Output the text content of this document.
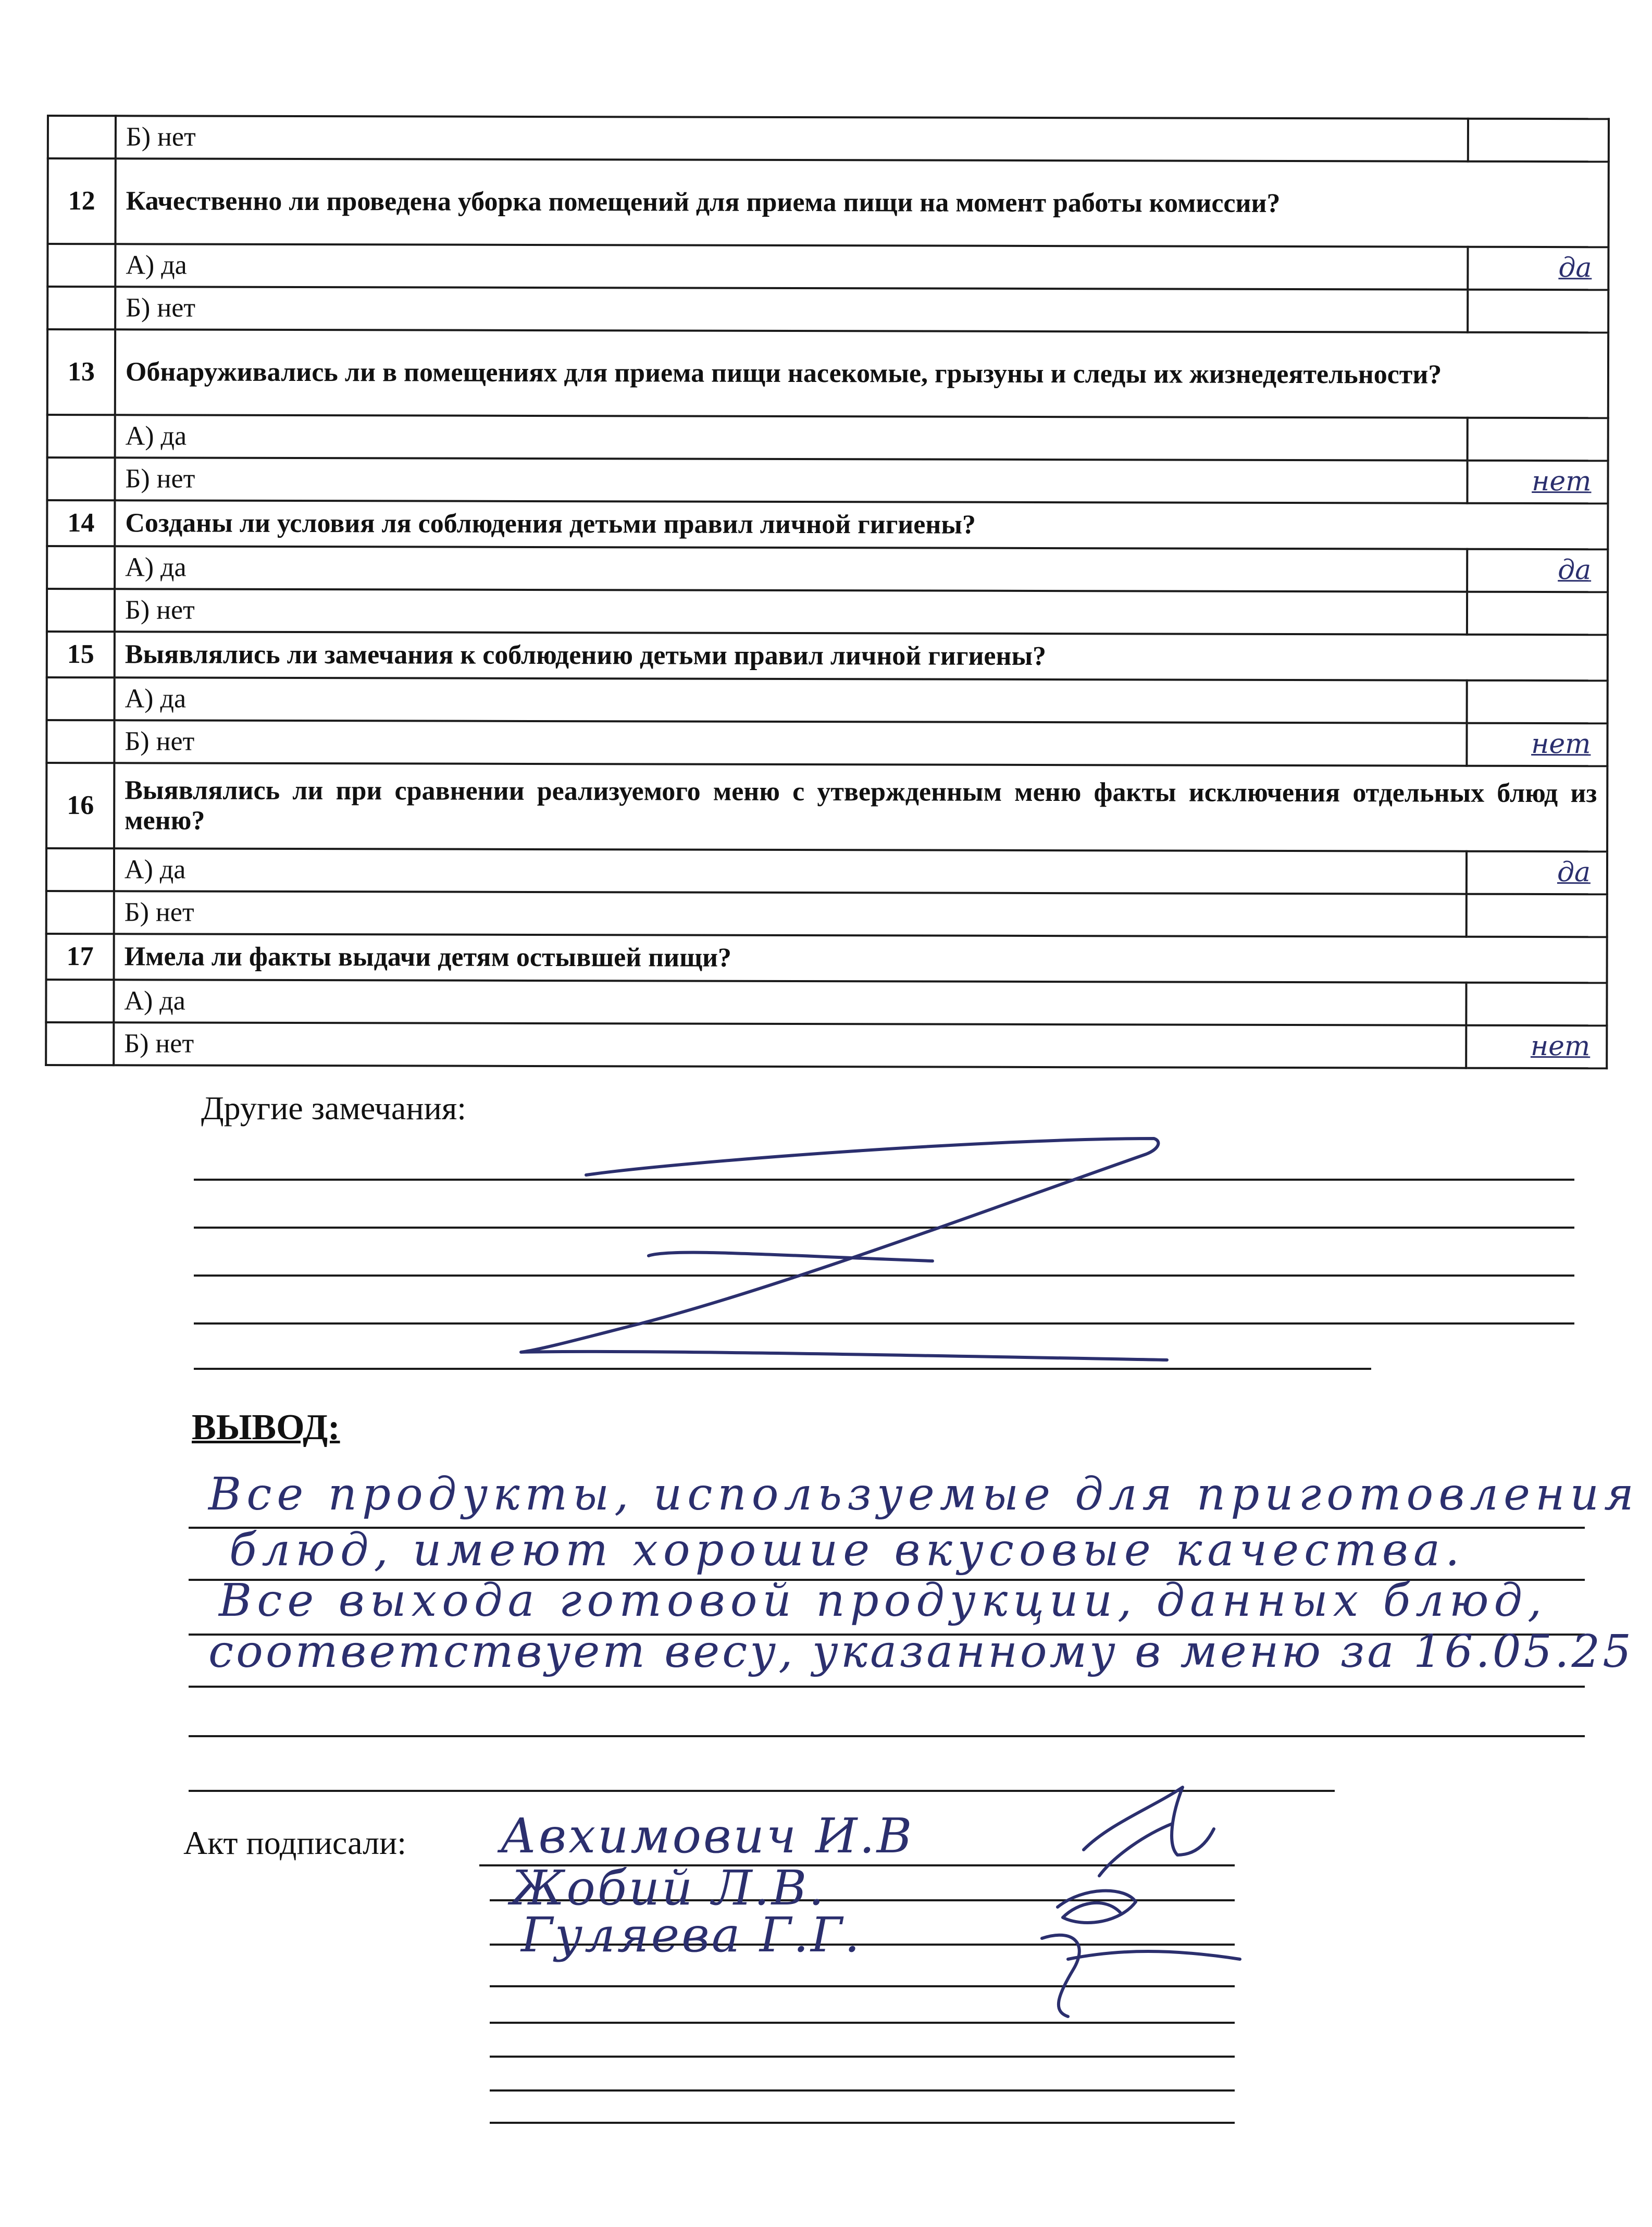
	Б) нет	
12	Качественно ли проведена уборка помещений для приема пищи на момент работы комиссии?	
	А) да	да
	Б) нет	
13	Обнаруживались ли в помещениях для приема пищи насекомые, грызуны и следы их жизнедеятельности?	
	А) да	
	Б) нет	нет
14	Созданы ли условия ля соблюдения детьми правил личной гигиены?	
	А) да	да
	Б) нет	
15	Выявлялись ли замечания к соблюдению детьми правил личной гигиены?	
	А) да	
	Б) нет	нет
16	Выявлялись ли при сравнении реализуемого меню с утвержденным меню факты исключения отдельных блюд из меню?	
	А) да	да
	Б) нет	
17	Имела ли факты выдачи детям остывшей пищи?	
	А) да	
	Б) нет	нет
Другие замечания:
ВЫВОД:
Все продукты, используемые для приготовления
блюд, имеют хорошие вкусовые качества.
Все выхода готовой продукции, данных блюд,
соответствует весу, указанному в меню за 16.05.25
Акт подписали: Авхимович И.В
Жобий Л.В.
Гуляева Г.Г.
